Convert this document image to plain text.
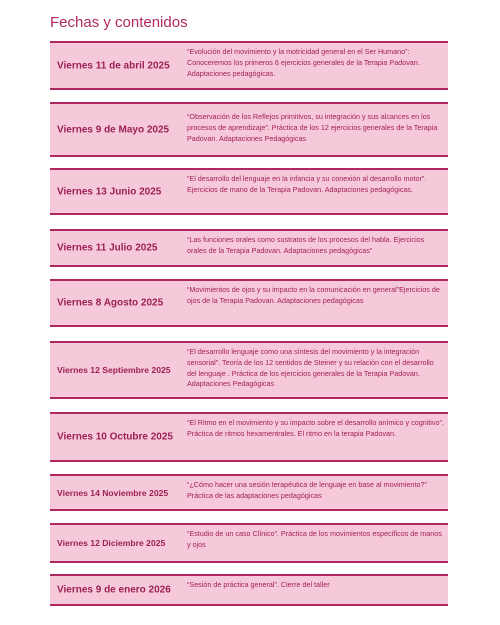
Fechas y contenidos
Viernes 11 de abril 2025
“Evolución del movimiento y la motricidad general en el Ser Humano”: Conoceremos los primeros 6 ejercicios generales de la Terapia Padovan. Adaptaciones pedagógicas.
Viernes 9 de Mayo 2025
“Observación de los Reflejos primitivos, su integración y sus alcances en los procesos de aprendizaje”. Práctica de los 12 ejercicios generales de la Terapia Padovan. Adaptaciones Pedagógicas
Viernes 13 Junio 2025
“El desarrollo del lenguaje en la infancia y su conexión al desarrollo motor”. Ejercicios de mano de la Terapia Padovan. Adaptaciones pedagógicas.
Viernes 11 Julio 2025
“Las funciones orales como sustratos de los procesos del habla. Ejercicios orales de la Terapia Padovan. Adaptaciones pedagógicas”
Viernes 8 Agosto 2025
“Movimientos de ojos y su impacto en la comunicación en general”Ejercicios de ojos de la Terapia Padovan. Adaptaciones pedagógicas
Viernes 12 Septiembre 2025
“El desarrollo lenguaje como una síntesis del movimiento y la integración sensorial”. Teoría de los 12 sentidos de Steiner y su relación con el desarrollo del lenguaje . Práctica de los ejercicios generales de la Terapia Padovan. Adaptaciones Pedagógicas
Viernes 10 Octubre 2025
“El Ritmo en el movimiento y su impacto sobre el desarrollo anímico y cognitivo”. Práctica de ritmos hexamentrales. El ritmo en la terapia Padovan.
Viernes 14 Noviembre 2025
“¿Cómo hacer una sesión terapéutica de lenguaje en base al movimiento?” Práctica de las adaptaciones pedagógicas
Viernes 12 Diciembre 2025
“Estudio de un caso Clínico”. Práctica de los movimientos específicos de manos y ojos
Viernes 9 de enero 2026 “Sesión de práctica general”. Cierre del taller
